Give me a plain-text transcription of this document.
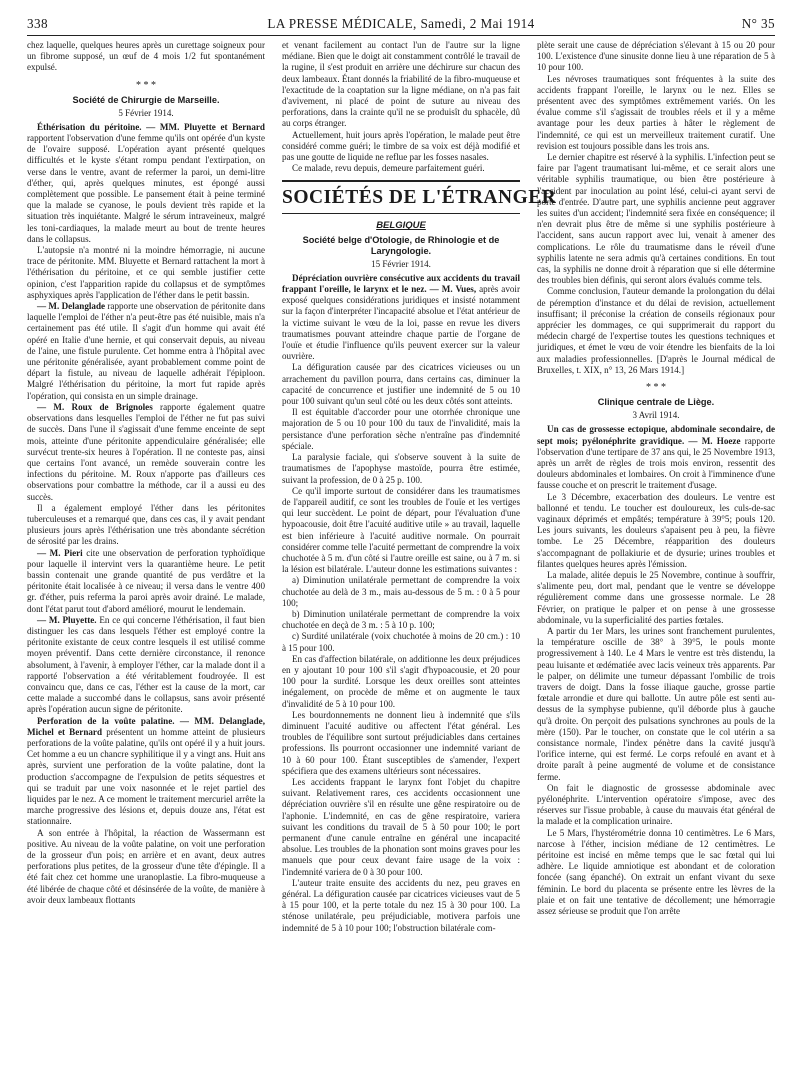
338	LA PRESSE MÉDICALE, Samedi, 2 Mai 1914	N° 35

chez laquelle, quelques heures après un curettage soigneux pour un fibrome supposé, un œuf de 4 mois 1/2 fut spontanément expulsé.

* * *
Société de Chirurgie de Marseille.
5 Février 1914.

Éthérisation du péritoine. — MM. Pluyette et Bernard rapportent l'observation d'une femme qu'ils ont opérée d'un kyste de l'ovaire supposé. L'opération ayant présenté quelques difficultés et le kyste s'étant rompu pendant l'extirpation, on verse dans le ventre, avant de refermer la paroi, un demi-litre d'éther, qui, après quelques minutes, est épongé aussi complètement que possible. Le pansement était à peine terminé que la malade se cyanose, le pouls devient très rapide et la situation très inquiétante. Malgré le sérum intraveineux, malgré les toni-cardiaques, la malade meurt au bout de trente heures dans le collapsus.

L'autopsie n'a montré ni la moindre hémorragie, ni aucune trace de péritonite. MM. Bluyette et Bernard rattachent la mort à l'éthérisation du péritoine, et ce qui semble justifier cette opinion, c'est l'apparition rapide du collapsus et de symptômes asphyxiques après l'application de l'éther dans le petit bassin.

— M. Delanglade rapporte une observation de péritonite dans laquelle l'emploi de l'éther n'a peut-être pas été nuisible, mais n'a certainement pas été utile. Il s'agit d'un homme qui avait été opéré en Italie d'une hernie, et qui conservait depuis, au niveau de l'aine, une fistule purulente. Cet homme entra à l'hôpital avec une péritonite généralisée, ayant probablement comme point de départ la fistule, au niveau de laquelle adhérait l'épiploon. Malgré l'éthérisation du péritoine, la mort fut rapide après l'opération, qui consista en un simple drainage.

— M. Roux de Brignoles rapporte également quatre observations dans lesquelles l'emploi de l'éther ne fut pas suivi de succès. Dans l'une il s'agissait d'une femme enceinte de sept mois, atteinte d'une péritonite appendiculaire généralisée; elle survécut trente-six heures à l'opération. Il ne conteste pas, ainsi que certains l'ont avancé, un remède souverain contre les infections du péritoine. M. Roux n'apporte pas d'ailleurs ces observations pour combattre la méthode, car il a aussi eu des succès.

Il a également employé l'éther dans les péritonites tuberculeuses et a remarqué que, dans ces cas, il y avait pendant plusieurs jours après l'éthérisation une très abondante sécrétion de sérosité par les drains.

— M. Pieri cite une observation de perforation typhoïdique pour laquelle il intervint vers la quarantième heure. Le petit bassin contenait une grande quantité de pus verdâtre et la péritonite était localisée à ce niveau; il versa dans le ventre 400 gr. d'éther, puis referma la paroi après avoir drainé. Le malade, dont l'état parut tout d'abord amélioré, mourut le lendemain.

— M. Pluyette. En ce qui concerne l'éthérisation, il faut bien distinguer les cas dans lesquels l'éther est employé contre la péritonite existante de ceux contre lesquels il est utilisé comme moyen préventif. Dans cette dernière circonstance, il renonce absolument, à l'avenir, à employer l'éther, car la malade dont il a rapporté l'observation a été véritablement foudroyée. Il est convaincu que, dans ce cas, l'éther est la cause de la mort, car cette malade a succombé dans le collapsus, sans avoir présenté après l'opération aucun signe de péritonite.

Perforation de la voûte palatine. — MM. Delanglade, Michel et Bernard présentent un homme atteint de plusieurs perforations de la voûte palatine, qu'ils ont opéré il y a huit jours. Cet homme a eu un chancre syphilitique il y a vingt ans. Huit ans après, survient une perforation de la voûte palatine, dont la production s'accompagne de l'expulsion de petits séquestres et qui se traduit par une voix nasonnée et le rejet partiel des liquides par le nez. A ce moment le traitement mercuriel arrête la marche progressive des lésions et, depuis douze ans, l'état est stationnaire.

A son entrée à l'hôpital, la réaction de Wassermann est positive. Au niveau de la voûte palatine, on voit une perforation de la grosseur d'un pois; en arrière et en avant, deux autres perforations plus petites, de la grosseur d'une tête d'épingle. Il a été fait chez cet homme une uranoplastie. La fibro-muqueuse a été libérée de chaque côté et désinsérée de la voûte, de manière à avoir deux lambeaux flottants

et venant facilement au contact l'un de l'autre sur la ligne médiane. Bien que le doigt ait constamment contrôlé le travail de la rugine, il s'est produit en arrière une déchirure sur chacun des deux lambeaux. Étant donnés la friabilité de la fibro-muqueuse et l'exactitude de la coaptation sur la ligne médiane, on n'a pas fait d'avivement, ni placé de point de suture au niveau des perforations, dans la crainte qu'il ne se produisît du sphacèle, dû au corps étranger.

Actuellement, huit jours après l'opération, le malade peut être considéré comme guéri; le timbre de sa voix est déjà modifié et pas une goutte de liquide ne reflue par les fosses nasales.

Ce malade, revu depuis, demeure parfaitement guéri.

SOCIÉTÉS DE L'ÉTRANGER
BELGIQUE
Société belge d'Otologie, de Rhinologie et de Laryngologie.
15 Février 1914.

Dépréciation ouvrière consécutive aux accidents du travail frappant l'oreille, le larynx et le nez. — M. Vues, après avoir exposé quelques considérations juridiques et insisté notamment sur la façon d'interpréter l'incapacité absolue et l'état antérieur de la victime suivant le vœu de la loi, passe en revue les divers traumatismes pouvant atteindre chaque partie de l'organe de l'ouïe et étudie l'influence qu'ils peuvent exercer sur la valeur ouvrière.

La défiguration causée par des cicatrices vicieuses ou un arrachement du pavillon pourra, dans certains cas, diminuer la capacité de concurrence et justifier une indemnité de 5 ou 10 pour 100 suivant qu'un seul côté ou les deux côtés sont atteints.

Il est équitable d'accorder pour une otorrhée chronique une majoration de 5 ou 10 pour 100 du taux de l'invalidité, mais la persistance d'une perforation sèche n'entraîne pas d'indemnité spéciale.

La paralysie faciale, qui s'observe souvent à la suite de traumatismes de l'apophyse mastoïde, pourra être estimée, suivant la profession, de 0 à 25 p. 100.

Ce qu'il importe surtout de considérer dans les traumatismes de l'appareil auditif, ce sont les troubles de l'ouïe et les vertiges qui leur succèdent. Le point de départ, pour l'évaluation d'une hypoacousie, doit être l'acuité auditive utile » au travail, laquelle est bien inférieure à l'acuité auditive normale. On pourrait considérer comme telle l'acuité permettant de comprendre la voix chuchotée à 5 m. d'un côté si l'autre oreille est saine, ou à 7 m. si la lésion est bilatérale. L'auteur donne les estimations suivantes :

a) Diminution unilatérale permettant de comprendre la voix chuchotée au delà de 3 m., mais au-dessous de 5 m. : 0 à 5 pour 100;

b) Diminution unilatérale permettant de comprendre la voix chuchotée en deçà de 3 m. : 5 à 10 p. 100;

c) Surdité unilatérale (voix chuchotée à moins de 20 cm.) : 10 à 15 pour 100.

En cas d'affection bilatérale, on additionne les deux préjudices en y ajoutant 10 pour 100 s'il s'agit d'hypoacousie, et 20 pour 100 pour la surdité. Lorsque les deux oreilles sont atteintes inégalement, on procède de même et on augmente le taux d'invalidité de 5 à 10 pour 100.

Les bourdonnements ne donnent lieu à indemnité que s'ils diminuent l'acuité auditive ou affectent l'état général. Les troubles de l'équilibre sont surtout préjudiciables dans certaines professions. Ils pourront occasionner une indemnité variant de 10 à 60 pour 100. Étant susceptibles de s'amender, l'expert spécifiera que des examens ultérieurs sont nécessaires.

Les accidents frappant le larynx font l'objet du chapitre suivant. Relativement rares, ces accidents occasionnent une dépréciation ouvrière s'il en résulte une gêne respiratoire ou de l'aphonie. L'indemnité, en cas de gêne respiratoire, variera suivant les conditions du travail de 5 à 50 pour 100; le port permanent d'une canule entraîne en général une incapacité absolue. Les troubles de la phonation sont moins graves pour les manuels que pour ceux devant faire usage de la voix : l'indemnité variera de 0 à 30 pour 100.

L'auteur traite ensuite des accidents du nez, peu graves en général. La défiguration causée par cicatrices vicieuses vaut de 5 à 15 pour 100, et la perte totale du nez 15 à 30 pour 100. La sténose unilatérale, peu préjudiciable, motivera parfois une indemnité de 5 à 10 pour 100; l'obstruction bilatérale com-

plète serait une cause de dépréciation s'élevant à 15 ou 20 pour 100. L'existence d'une sinusite donne lieu à une réparation de 5 à 10 pour 100.

Les névroses traumatiques sont fréquentes à la suite des accidents frappant l'oreille, le larynx ou le nez. Elles se présentent avec des symptômes extrêmement variés. On les évalue comme s'il s'agissait de troubles réels et il y a même avantage pour les deux parties à hâter le règlement de l'indemnité, ce qui est un merveilleux traitement curatif. Une revision est toujours possible dans les trois ans.

Le dernier chapitre est réservé à la syphilis. L'infection peut se faire par l'agent traumatisant lui-même, et ce serait alors une véritable syphilis traumatique, ou bien être postérieure à l'accident par inoculation au point lésé, celui-ci ayant servi de porte d'entrée. D'autre part, une syphilis ancienne peut aggraver les suites d'un accident; l'indemnité sera fixée en conséquence; il n'en devrait plus être de même si une syphilis postérieure à l'accident, sans aucun rapport avec lui, venait à amener des complications. Le rôle du traumatisme dans le réveil d'une syphilis latente ne sera admis qu'à certaines conditions. En tout cas, la syphilis ne donne droit à réparation que si elle détermine des troubles bien définis, qui seront alors évalués comme tels.

Comme conclusion, l'auteur demande la prolongation du délai de péremption d'instance et du délai de revision, actuellement insuffisant; il préconise la création de conseils régionaux pour apprécier les dommages, ce qui supprimerait du rapport du médecin chargé de l'expertise toutes les questions techniques et juridiques, et émet le vœu de voir étendre les bienfaits de la loi aux maladies professionnelles. [D'après le Journal médical de Bruxelles, t. XIX, n° 13, 26 Mars 1914.]

* * *
Clinique centrale de Liège.
3 Avril 1914.

Un cas de grossesse ectopique, abdominale secondaire, de sept mois; pyélonéphrite gravidique. — M. Hoeze rapporte l'observation d'une tertipare de 37 ans qui, le 25 Novembre 1913, après un arrêt de règles de trois mois environ, ressentit des douleurs abdominales et lombaires. On croit à l'imminence d'une fausse couche et on prescrit le traitement d'usage.

Le 3 Décembre, exacerbation des douleurs. Le ventre est ballonné et tendu. Le toucher est douloureux, les culs-de-sac vaginaux déprimés et empâtés; température à 39°5; pouls 120. Les jours suivants, les douleurs s'apaisent peu à peu, la fièvre tombe. Le 25 Décembre, réapparition des douleurs s'accompagnant de pollakiurie et de dysurie; urines troubles et filantes quelques heures après l'émission.

La malade, alitée depuis le 25 Novembre, continue à souffrir, s'alimente peu, dort mal, pendant que le ventre se développe régulièrement comme dans une grossesse normale. Le 28 Février, on pratique le palper et on pense à une grossesse abdominale, vu la superficialité des parties fœtales.

A partir du 1er Mars, les urines sont franchement purulentes, la température oscille de 38° à 39°5, le pouls monte progressivement à 140. Le 4 Mars le ventre est très distendu, la peau luisante et œdématiée avec lacis veineux très apparents. Par le palper, on délimite une tumeur dépassant l'ombilic de trois travers de doigt. Dans la fosse iliaque gauche, grosse partie fœtale arrondie et dure qui ballotte. Un autre pôle est senti au-dessus de la symphyse pubienne, qu'il déborde plus à gauche qu'à droite. On perçoit des pulsations synchrones au pouls de la mère (150). Par le toucher, on constate que le col utérin a sa consistance normale, l'index pénètre dans la cavité jusqu'à l'orifice interne, qui est fermé. Le corps refoulé en avant et à droite paraît à peine augmenté de volume et de consistance ferme.

On fait le diagnostic de grossesse abdominale avec pyélonéphrite. L'intervention opératoire s'impose, avec des réserves sur l'issue probable, à cause du mauvais état général de la malade et la complication urinaire.

Le 5 Mars, l'hystérométrie donna 10 centimètres. Le 6 Mars, narcose à l'éther, incision médiane de 12 centimètres. Le péritoine est incisé en même temps que le sac fœtal qui lui adhère. Le liquide amniotique est abondant et de coloration foncée (sang épanché). On extrait un enfant vivant du sexe féminin. Le bord du placenta se présente entre les lèvres de la plaie et on fait une tentative de décollement; une hémorragie assez sérieuse se produit que l'on arrête
